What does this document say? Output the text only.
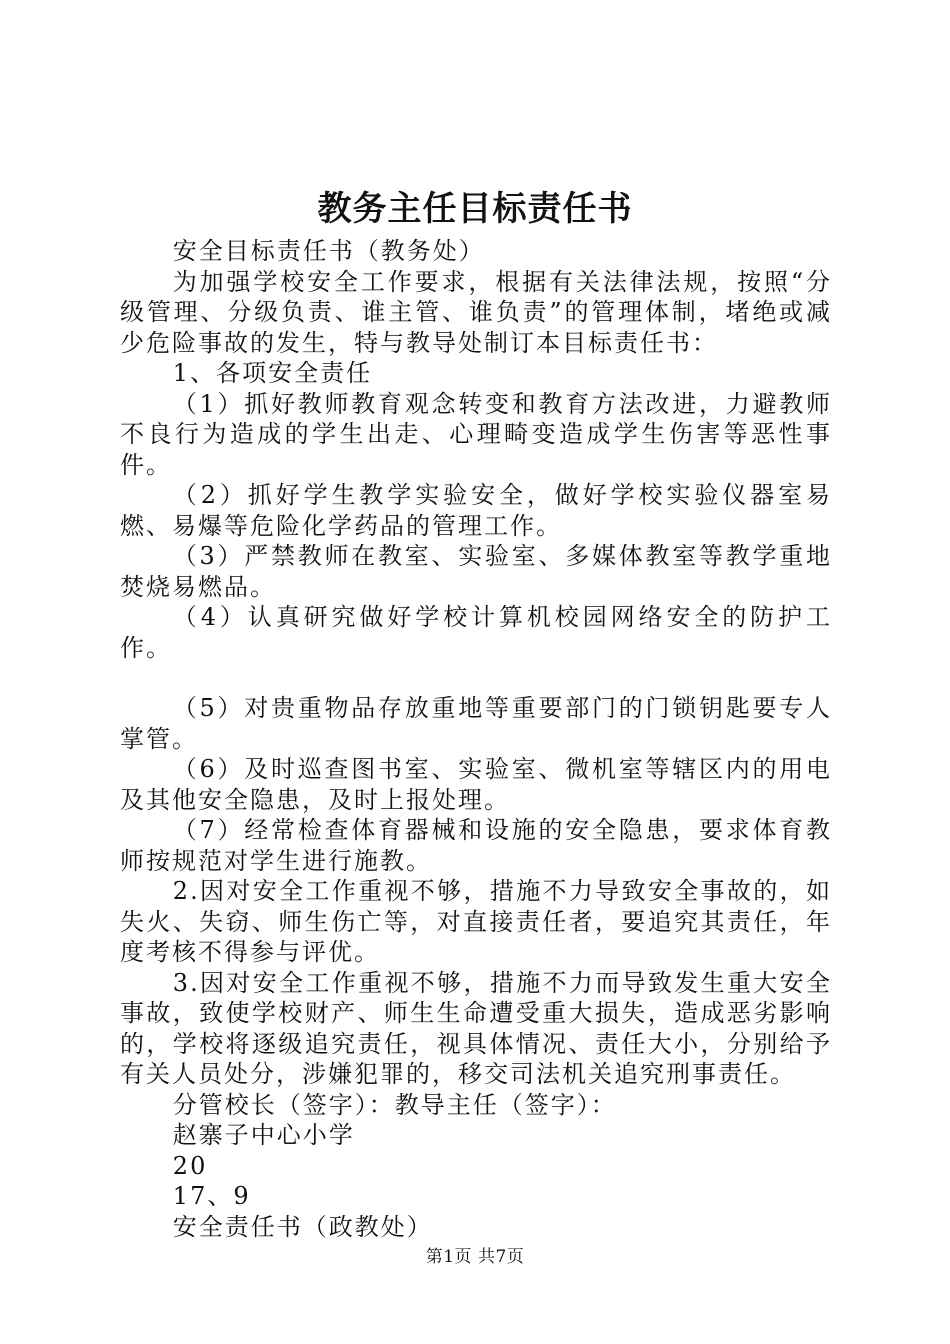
教务主任目标责任书

安全目标责任书（教务处）

为加强学校安全工作要求，根据有关法律法规，按照“分级管理、分级负责、谁主管、谁负责”的管理体制，堵绝或减少危险事故的发生，特与教导处制订本目标责任书：

1、各项安全责任

（1）抓好教师教育观念转变和教育方法改进，力避教师不良行为造成的学生出走、心理畸变造成学生伤害等恶性事件。

（2）抓好学生教学实验安全，做好学校实验仪器室易燃、易爆等危险化学药品的管理工作。

（3）严禁教师在教室、实验室、多媒体教室等教学重地焚烧易燃品。

（4）认真研究做好学校计算机校园网络安全的防护工作。

（5）对贵重物品存放重地等重要部门的门锁钥匙要专人掌管。

（6）及时巡查图书室、实验室、微机室等辖区内的用电及其他安全隐患，及时上报处理。

（7）经常检查体育器械和设施的安全隐患，要求体育教师按规范对学生进行施教。

2.因对安全工作重视不够，措施不力导致安全事故的，如失火、失窃、师生伤亡等，对直接责任者，要追究其责任，年度考核不得参与评优。

3.因对安全工作重视不够，措施不力而导致发生重大安全事故，致使学校财产、师生生命遭受重大损失，造成恶劣影响的，学校将逐级追究责任，视具体情况、责任大小，分别给予有关人员处分，涉嫌犯罪的，移交司法机关追究刑事责任。

分管校长（签字）：教导主任（签字）：

赵寨子中心小学

20

17、9

安全责任书（政教处）

第1页 共7页
